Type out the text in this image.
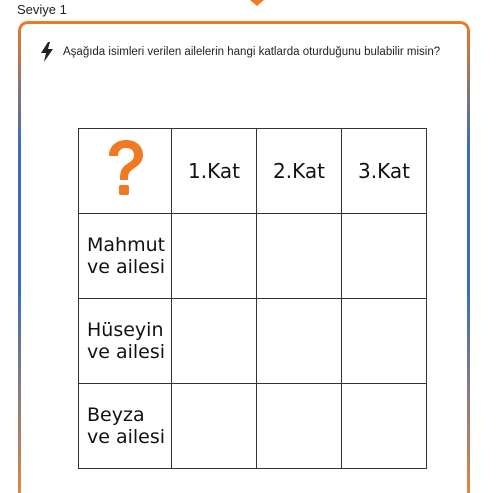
Seviye 1
Aşağıda isimleri verilen ailelerin hangi katlarda oturduğunu bulabilir misin?
	1.Kat	2.Kat	3.Kat

Mahmut
ve ailesi			

Hüseyin
ve ailesi			

Beyza
ve ailesi			
